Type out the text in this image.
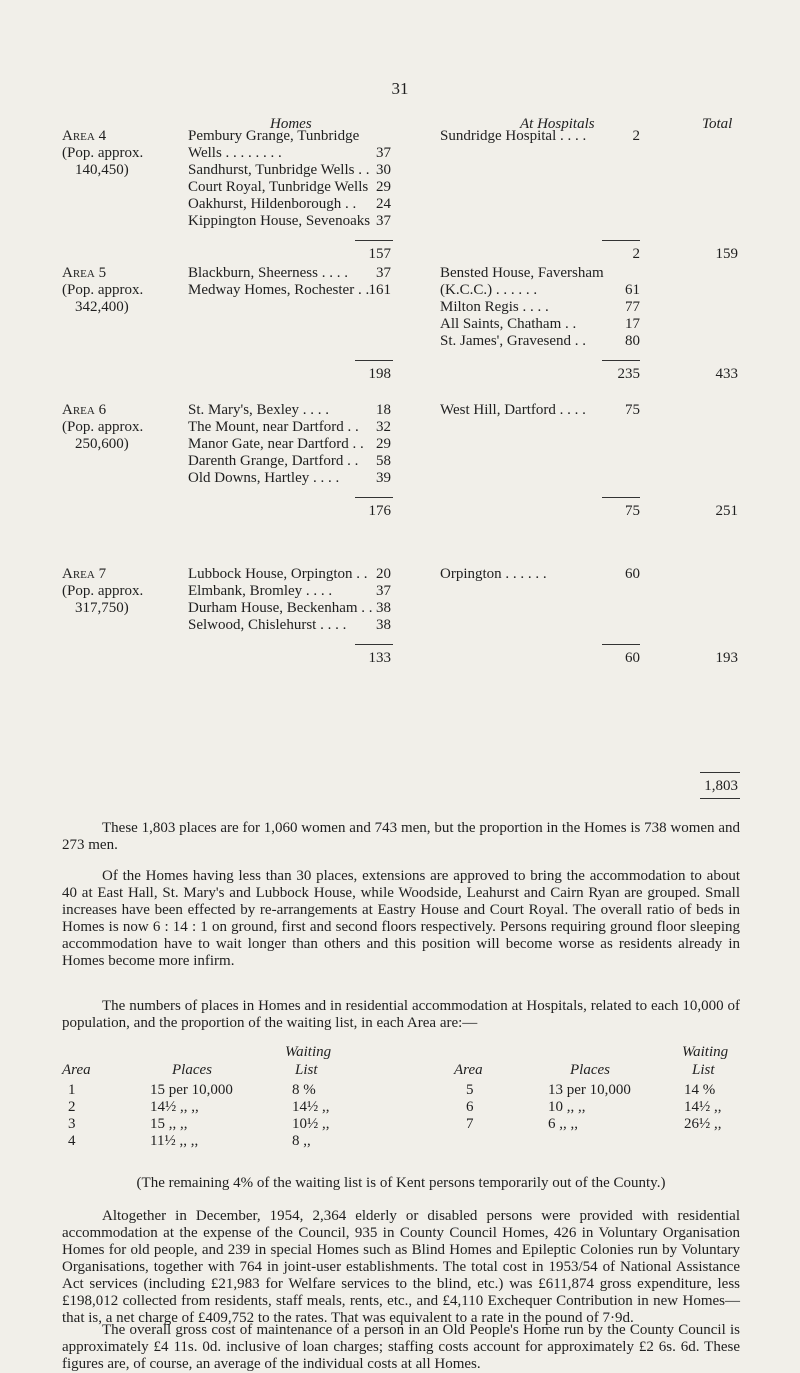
31
Homes	At Hospitals	Total
Area 4
(Pop. approx.
140,450)
Pembury Grange, Tunbridge
Wells . . . . . . . .	37
Sandhurst, Tunbridge Wells . . 30
Court Royal, Tunbridge Wells 29
Oakhurst, Hildenborough . .	24
Kippington House, Sevenoaks 37
Sundridge Hospital . . . .	2
157	2	159
Area 5
(Pop. approx.
342,400)
Blackburn, Sheerness . . . .	37
Medway Homes, Rochester . . 161
Bensted House, Faversham
(K.C.C.) . . . . . .	61
Milton Regis . . . .	77
All Saints, Chatham . .	17
St. James', Gravesend . .	80
198	235	433
Area 6
(Pop. approx.
250,600)
St. Mary's, Bexley . . . .	18
The Mount, near Dartford . .	32
Manor Gate, near Dartford . . 29
Darenth Grange, Dartford . .	58
Old Downs, Hartley . . . .	39
West Hill, Dartford . . . .	75
176	75	251
Area 7
(Pop. approx.
317,750)
Lubbock House, Orpington . . 20
Elmbank, Bromley . . . .	37
Durham House, Beckenham . . 38
Selwood, Chislehurst . . . .	38
Orpington . . . . . .	60
133	60	193
1,803

These 1,803 places are for 1,060 women and 743 men, but the proportion in the Homes is 738 women and 273 men.

Of the Homes having less than 30 places, extensions are approved to bring the accommodation to about 40 at East Hall, St. Mary's and Lubbock House, while Woodside, Leahurst and Cairn Ryan are grouped. Small increases have been effected by re-arrangements at Eastry House and Court Royal. The overall ratio of beds in Homes is now 6 : 14 : 1 on ground, first and second floors respectively. Persons requiring ground floor sleeping accommodation have to wait longer than others and this position will become worse as residents already in Homes become more infirm.

The numbers of places in Homes and in residential accommodation at Hospitals, related to each 10,000 of population, and the proportion of the waiting list, in each Area are:—

Area	Places
Waiting
List	Area	Places
Waiting
List
1	15 per 10,000	8 %
2	14½ ,, ,,	14½ ,,
3	15 ,, ,,	10½ ,,
4	11½ ,, ,,	8 ,,
5	13 per 10,000	14 %
6	10 ,, ,,	14½ ,,
7	6 ,, ,,	26½ ,,
(The remaining 4% of the waiting list is of Kent persons temporarily out of the County.)

Altogether in December, 1954, 2,364 elderly or disabled persons were provided with residential accommodation at the expense of the Council, 935 in County Council Homes, 426 in Voluntary Organisation Homes for old people, and 239 in special Homes such as Blind Homes and Epileptic Colonies run by Voluntary Organisations, together with 764 in joint-user establishments. The total cost in 1953/54 of National Assistance Act services (including £21,983 for Welfare services to the blind, etc.) was £611,874 gross expenditure, less £198,012 collected from residents, staff meals, rents, etc., and £4,110 Exchequer Contribution in new Homes—that is, a net charge of £409,752 to the rates. That was equivalent to a rate in the pound of 7·9d.

The overall gross cost of maintenance of a person in an Old People's Home run by the County Council is approximately £4 11s. 0d. inclusive of loan charges; staffing costs account for approximately £2 6s. 6d. These figures are, of course, an average of the individual costs at all Homes.
